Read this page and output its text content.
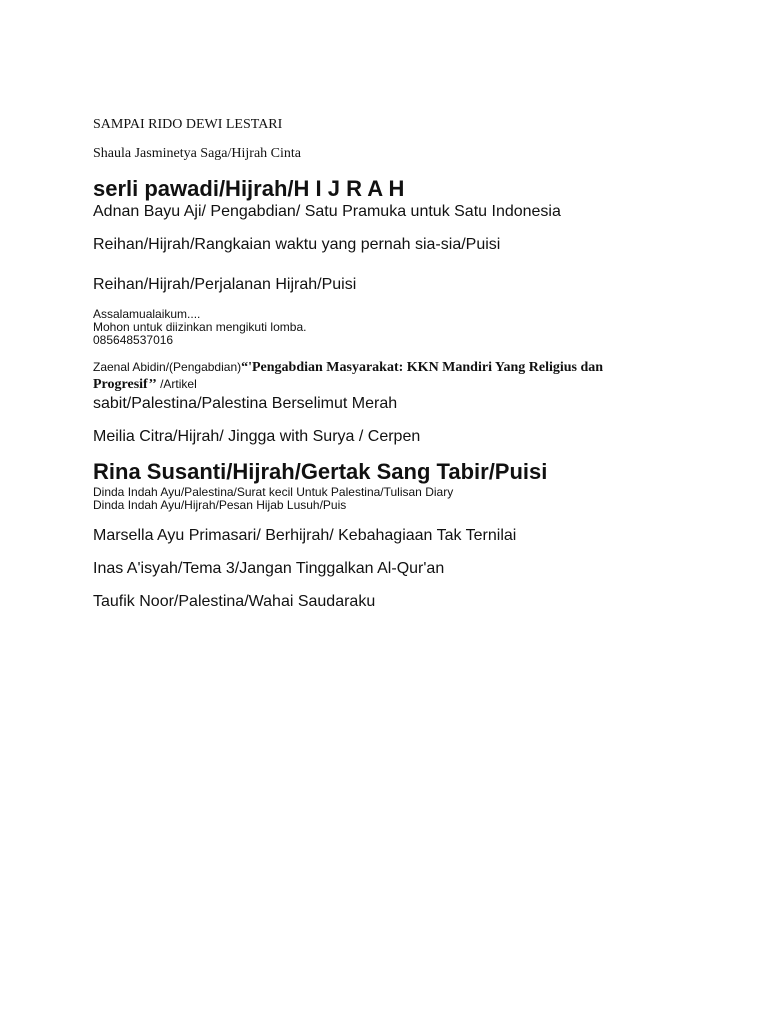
SAMPAI RIDO DEWI LESTARI

Shaula Jasminetya Saga/Hijrah Cinta

serli pawadi/Hijrah/H I J R A H

Adnan Bayu Aji/ Pengabdian/ Satu Pramuka untuk Satu Indonesia

Reihan/Hijrah/Rangkaian waktu yang pernah sia-sia/Puisi

Reihan/Hijrah/Perjalanan Hijrah/Puisi

Assalamualaikum....

Mohon untuk diizinkan mengikuti lomba.

085648537016

Zaenal Abidin/(Pengabdian)“'Pengabdian Masyarakat: KKN Mandiri Yang Religius dan

Progresif’’ /Artikel

sabit/Palestina/Palestina Berselimut Merah

Meilia Citra/Hijrah/ Jingga with Surya / Cerpen

Rina Susanti/Hijrah/Gertak Sang Tabir/Puisi

Dinda Indah Ayu/Palestina/Surat kecil Untuk Palestina/Tulisan Diary

Dinda Indah Ayu/Hijrah/Pesan Hijab Lusuh/Puis

Marsella Ayu Primasari/ Berhijrah/ Kebahagiaan Tak Ternilai

Inas A'isyah/Tema 3/Jangan Tinggalkan Al-Qur'an

Taufik Noor/Palestina/Wahai Saudaraku
